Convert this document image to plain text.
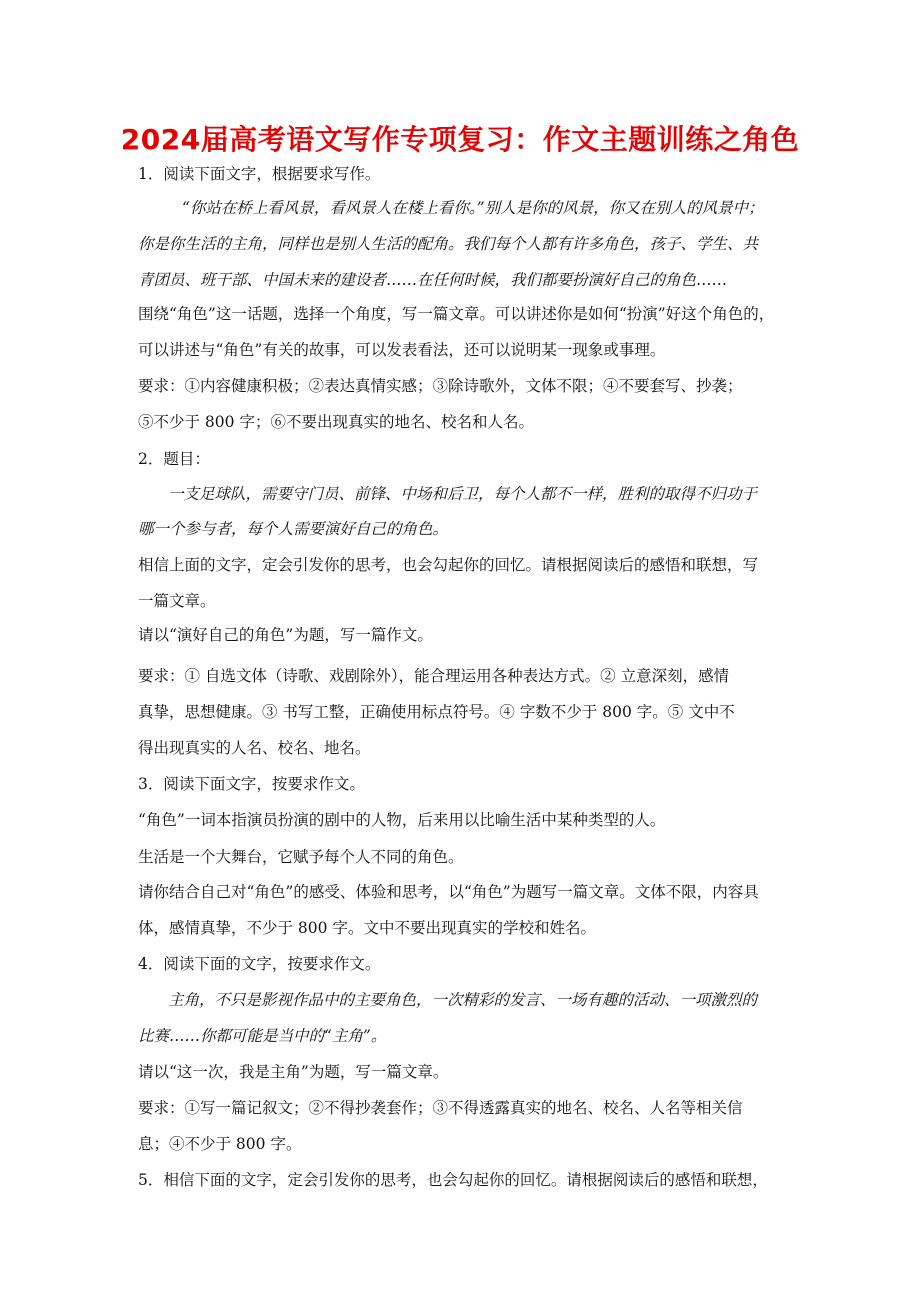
2024届高考语文写作专项复习：作文主题训练之角色
1．阅读下面文字，根据要求写作。
“你站在桥上看风景，看风景人在楼上看你。”别人是你的风景，你又在别人的风景中；
你是你生活的主角，同样也是别人生活的配角。我们每个人都有许多角色，孩子、学生、共
青团员、班干部、中国未来的建设者……在任何时候，我们都要扮演好自己的角色……
围绕“角色”这一话题，选择一个角度，写一篇文章。可以讲述你是如何“扮演”好这个角色的，
可以讲述与“角色”有关的故事，可以发表看法，还可以说明某一现象或事理。
要求：①内容健康积极；②表达真情实感；③除诗歌外，文体不限；④不要套写、抄袭；
⑤不少于 800 字；⑥不要出现真实的地名、校名和人名。
2．题目：
一支足球队，需要守门员、前锋、中场和后卫，每个人都不一样，胜利的取得不归功于
哪一个参与者，每个人需要演好自己的角色。
相信上面的文字，定会引发你的思考，也会勾起你的回忆。请根据阅读后的感悟和联想，写
一篇文章。
请以“演好自己的角色”为题，写一篇作文。
要求：① 自选文体（诗歌、戏剧除外），能合理运用各种表达方式。② 立意深刻，感情
真挚，思想健康。③ 书写工整，正确使用标点符号。④ 字数不少于 800 字。⑤ 文中不
得出现真实的人名、校名、地名。
3．阅读下面文字，按要求作文。
“角色”一词本指演员扮演的剧中的人物，后来用以比喻生活中某种类型的人。
生活是一个大舞台，它赋予每个人不同的角色。
请你结合自己对“角色”的感受、体验和思考，以“角色”为题写一篇文章。文体不限，内容具
体，感情真挚，不少于 800 字。文中不要出现真实的学校和姓名。
4．阅读下面的文字，按要求作文。
主角，不只是影视作品中的主要角色，一次精彩的发言、一场有趣的活动、一项激烈的
比赛……你都可能是当中的“主角”。
请以“这一次，我是主角”为题，写一篇文章。
要求：①写一篇记叙文；②不得抄袭套作；③不得透露真实的地名、校名、人名等相关信
息；④不少于 800 字。
5．相信下面的文字，定会引发你的思考，也会勾起你的回忆。请根据阅读后的感悟和联想，
